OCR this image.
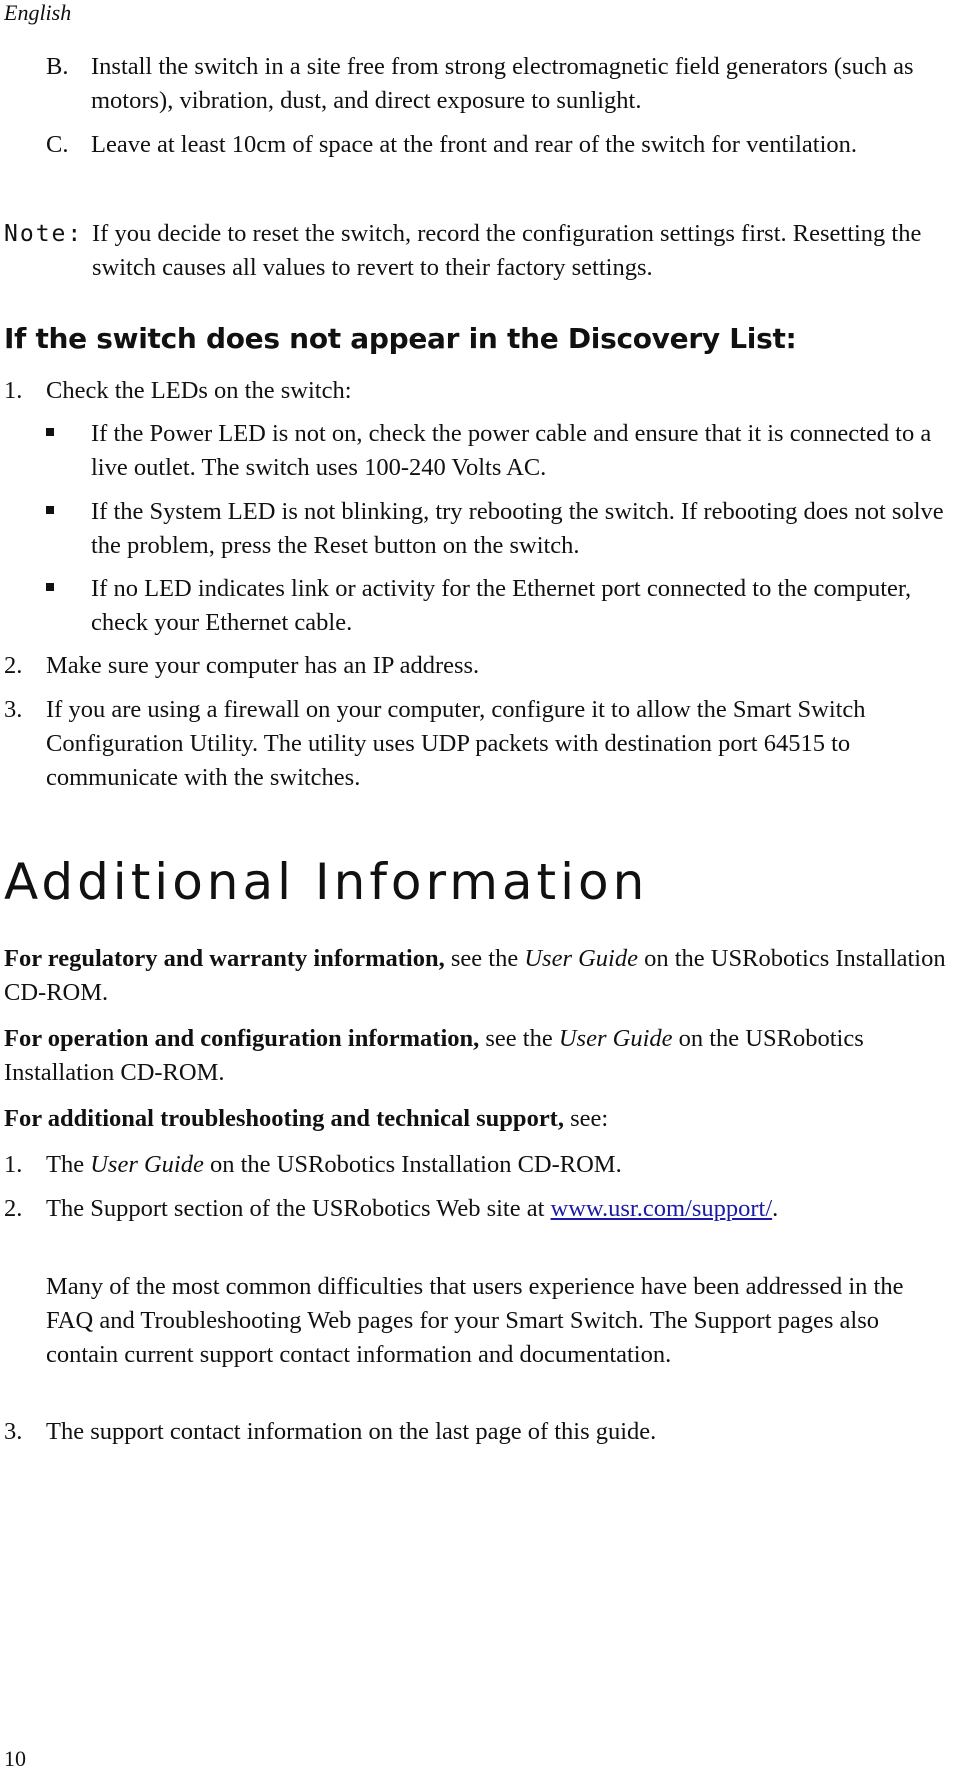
English
B. Install the switch in a site free from strong electromagnetic field generators (such as motors), vibration, dust, and direct exposure to sunlight.
C. Leave at least 10cm of space at the front and rear of the switch for ventilation.
Note: If you decide to reset the switch, record the configuration settings first. Resetting the switch causes all values to revert to their factory settings.
If the switch does not appear in the Discovery List:
1. Check the LEDs on the switch:
If the Power LED is not on, check the power cable and ensure that it is connected to a live outlet. The switch uses 100-240 Volts AC.
If the System LED is not blinking, try rebooting the switch. If rebooting does not solve the problem, press the Reset button on the switch.
If no LED indicates link or activity for the Ethernet port connected to the computer, check your Ethernet cable.
2. Make sure your computer has an IP address.
3. If you are using a firewall on your computer, configure it to allow the Smart Switch Configuration Utility. The utility uses UDP packets with destination port 64515 to communicate with the switches.
Additional Information
For regulatory and warranty information, see the User Guide on the USRobotics Installation CD-ROM.
For operation and configuration information, see the User Guide on the USRobotics Installation CD-ROM.
For additional troubleshooting and technical support, see:
1. The User Guide on the USRobotics Installation CD-ROM.
2. The Support section of the USRobotics Web site at www.usr.com/support/.
Many of the most common difficulties that users experience have been addressed in the FAQ and Troubleshooting Web pages for your Smart Switch. The Support pages also contain current support contact information and documentation.
3. The support contact information on the last page of this guide.
10
